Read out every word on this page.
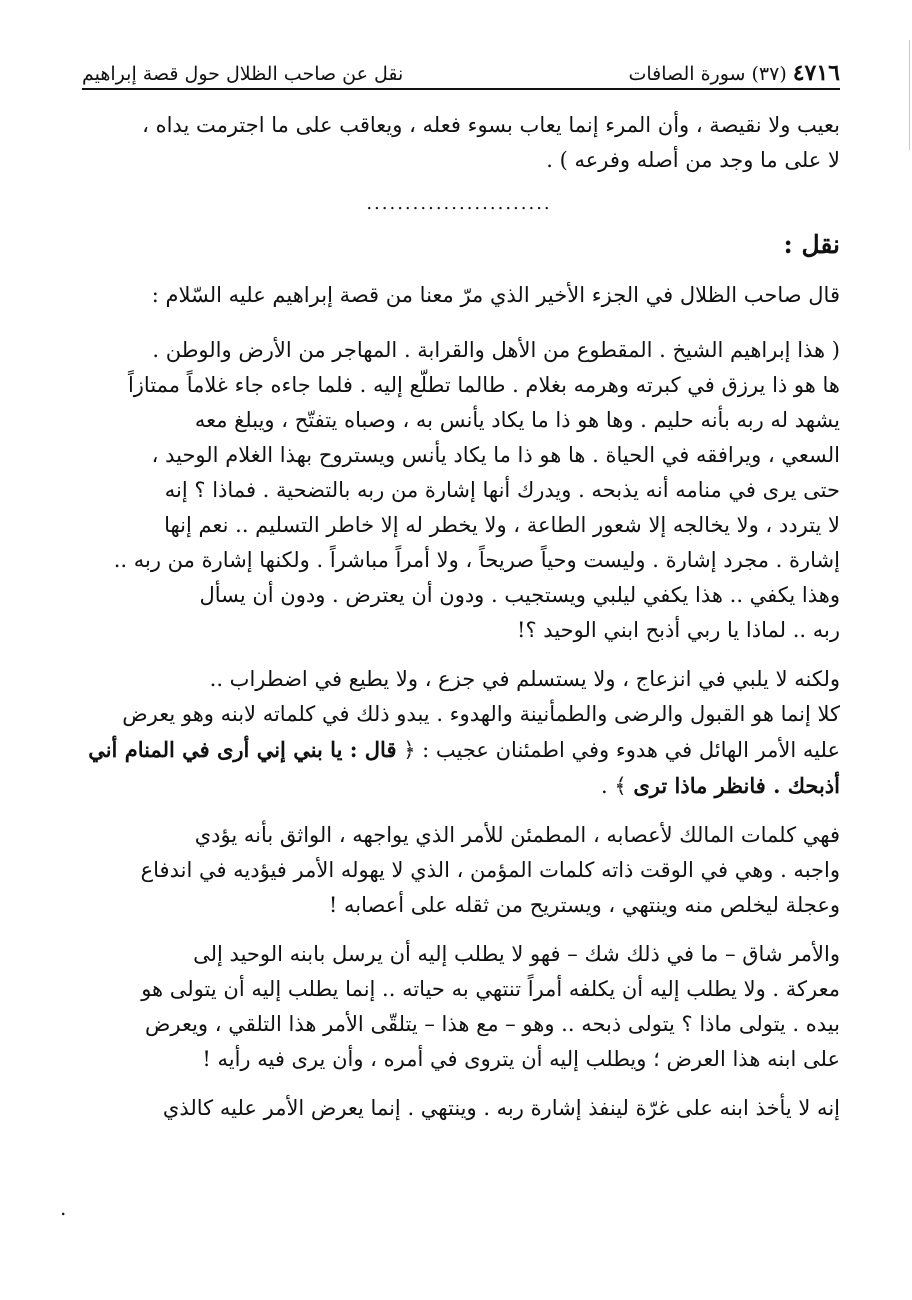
٤٧١٦
(٣٧) سورة الصافات
نقل عن صاحب الظلال حول قصة إبراهيم

بعيب ولا نقيصة ، وأن المرء إنما يعاب بسوء فعله ، ويعاقب على ما اجترمت يداه ،
لا على ما وجد من أصله وفرعه ) .

........................

نقل :

قال صاحب الظلال في الجزء الأخير الذي مرّ معنا من قصة إبراهيم عليه السّلام :

( هذا إبراهيم الشيخ . المقطوع من الأهل والقرابة . المهاجر من الأرض والوطن .
ها هو ذا يرزق في كبرته وهرمه بغلام . طالما تطلّع إليه . فلما جاءه جاء غلاماً ممتازاً
يشهد له ربه بأنه حليم . وها هو ذا ما يكاد يأنس به ، وصباه يتفتّح ، ويبلغ معه
السعي ، ويرافقه في الحياة . ها هو ذا ما يكاد يأنس ويستروح بهذا الغلام الوحيد ،
حتى يرى في منامه أنه يذبحه . ويدرك أنها إشارة من ربه بالتضحية . فماذا ؟ إنه
لا يتردد ، ولا يخالجه إلا شعور الطاعة ، ولا يخطر له إلا خاطر التسليم .. نعم إنها
إشارة . مجرد إشارة . وليست وحياً صريحاً ، ولا أمراً مباشراً . ولكنها إشارة من ربه ..
وهذا يكفي .. هذا يكفي ليلبي ويستجيب . ودون أن يعترض . ودون أن يسأل
ربه .. لماذا يا ربي أذبح ابني الوحيد ؟!

ولكنه لا يلبي في انزعاج ، ولا يستسلم في جزع ، ولا يطيع في اضطراب ..
كلا إنما هو القبول والرضى والطمأنينة والهدوء . يبدو ذلك في كلماته لابنه وهو يعرض
عليه الأمر الهائل في هدوء وفي اطمئنان عجيب : ﴿ قال : يا بني إني أرى في المنام أني
أذبحك . فانظر ماذا ترى ﴾ .

فهي كلمات المالك لأعصابه ، المطمئن للأمر الذي يواجهه ، الواثق بأنه يؤدي
واجبه . وهي في الوقت ذاته كلمات المؤمن ، الذي لا يهوله الأمر فيؤديه في اندفاع
وعجلة ليخلص منه وينتهي ، ويستريح من ثقله على أعصابه !

والأمر شاق – ما في ذلك شك – فهو لا يطلب إليه أن يرسل بابنه الوحيد إلى
معركة . ولا يطلب إليه أن يكلفه أمراً تنتهي به حياته .. إنما يطلب إليه أن يتولى هو
بيده . يتولى ماذا ؟ يتولى ذبحه .. وهو – مع هذا – يتلقّى الأمر هذا التلقي ، ويعرض
على ابنه هذا العرض ؛ ويطلب إليه أن يتروى في أمره ، وأن يرى فيه رأيه !

إنه لا يأخذ ابنه على غرّة لينفذ إشارة ربه . وينتهي . إنما يعرض الأمر عليه كالذي

.
